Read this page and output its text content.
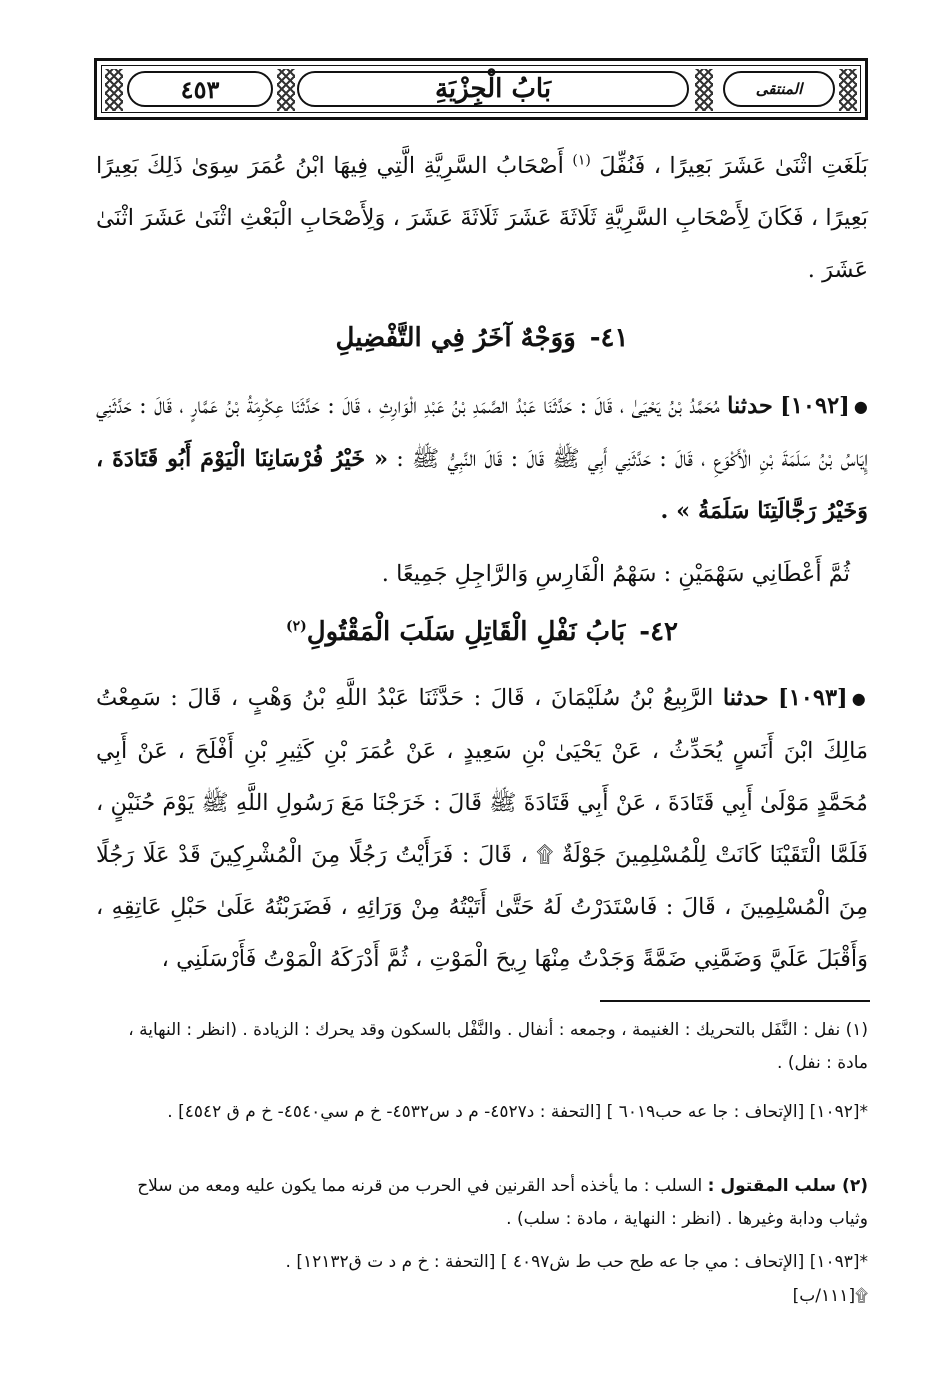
٤٥٣	بَابُ الْجِزْيَةِ	المنتقى
بَلَغَتِ اثْنَىٰ عَشَرَ بَعِيرًا ، فَنُفِّلَ $^{(١)}$ أَصْحَابُ السَّرِيَّةِ الَّتِي فِيهَا ابْنُ عُمَرَ سِوَىٰ ذَلِكَ بَعِيرًا بَعِيرًا ، فَكَانَ لِأَصْحَابِ السَّرِيَّةِ ثَلَاثَةَ عَشَرَ ثَلَاثَةَ عَشَرَ ، وَلِأَصْحَابِ الْبَعْثِ اثْنَىٰ عَشَرَ اثْنَىٰ عَشَرَ .
٤١-وَوَجْهٌ آخَرُ فِي التَّفْضِيلِ
●[١٠٩٢] حدثنا مُحَمَّدُ بْنُ يَحْيَىٰ ، قَالَ : حَدَّثَنَا عَبْدُ الصَّمَدِ بْنُ عَبْدِ الْوَارِثِ ، قَالَ : حَدَّثَنَا عِكْرِمَةُ بْنُ عَمَّارٍ ، قَالَ : حَدَّثَنِي إِيَاسُ بْنُ سَلَمَةَ بْنِ الْأَكْوَعِ ، قَالَ : حَدَّثَنِي أَبِي ﷺ قَالَ : قَالَ النَّبِيُّ ﷺ : « خَيْرُ فُرْسَانِنَا الْيَوْمَ أَبُو قَتَادَةَ ، وَخَيْرُ رَجَّالَتِنَا سَلَمَةُ » .
ثُمَّ أَعْطَانِي سَهْمَيْنِ : سَهْمُ الْفَارِسِ وَالرَّاجِلِ جَمِيعًا .
٤٢-بَابُ نَفْلِ الْقَاتِلِ سَلَبَ الْمَقْتُولِ$^{(٢)}$
●[١٠٩٣] حدثنا الرَّبِيعُ بْنُ سُلَيْمَانَ ، قَالَ : حَدَّثَنَا عَبْدُ اللَّهِ بْنُ وَهْبٍ ، قَالَ : سَمِعْتُ مَالِكَ ابْنَ أَنَسٍ يُحَدِّثُ ، عَنْ يَحْيَىٰ بْنِ سَعِيدٍ ، عَنْ عُمَرَ بْنِ كَثِيرِ بْنِ أَفْلَحَ ، عَنْ أَبِي مُحَمَّدٍ مَوْلَىٰ أَبِي قَتَادَةَ ، عَنْ أَبِي قَتَادَةَ ﷺ قَالَ : خَرَجْنَا مَعَ رَسُولِ اللَّهِ ﷺ يَوْمَ حُنَيْنٍ ، فَلَمَّا الْتَقَيْنَا كَانَتْ لِلْمُسْلِمِينَ جَوْلَةٌ ۩ ، قَالَ : فَرَأَيْتُ رَجُلًا مِنَ الْمُشْرِكِينَ قَدْ عَلَا رَجُلًا مِنَ الْمُسْلِمِينَ ، قَالَ : فَاسْتَدَرْتُ لَهُ حَتَّىٰ أَتَيْتُهُ مِنْ وَرَائِهِ ، فَضَرَبْتُهُ عَلَىٰ حَبْلِ عَاتِقِهِ ، وَأَقْبَلَ عَلَيَّ وَضَمَّنِي ضَمَّةً وَجَدْتُ مِنْهَا رِيحَ الْمَوْتِ ، ثُمَّ أَدْرَكَهُ الْمَوْتُ فَأَرْسَلَنِي ،
(١) نفل : النَّفَل بالتحريك : الغنيمة ، وجمعه : أنفال . والنَّفْل بالسكون وقد يحرك : الزيادة . (انظر : النهاية ، مادة : نفل) .
*[١٠٩٢] [الإتحاف : جا عه حب٦٠١٩ ] [التحفة : د٤٥٢٧- م د س٤٥٣٢- خ م سي٤٥٤٠- خ م ق ٤٥٤٢] .
(٢) سلب المقتول : السلب : ما يأخذه أحد القرنين في الحرب من قرنه مما يكون عليه ومعه من سلاح وثياب ودابة وغيرها . (انظر : النهاية ، مادة : سلب) .
*[١٠٩٣] [الإتحاف : مي جا عه طح حب ط ش٤٠٩٧ ] [التحفة : خ م د ت ق١٢١٣٢] .
۩[١١١/ب]
